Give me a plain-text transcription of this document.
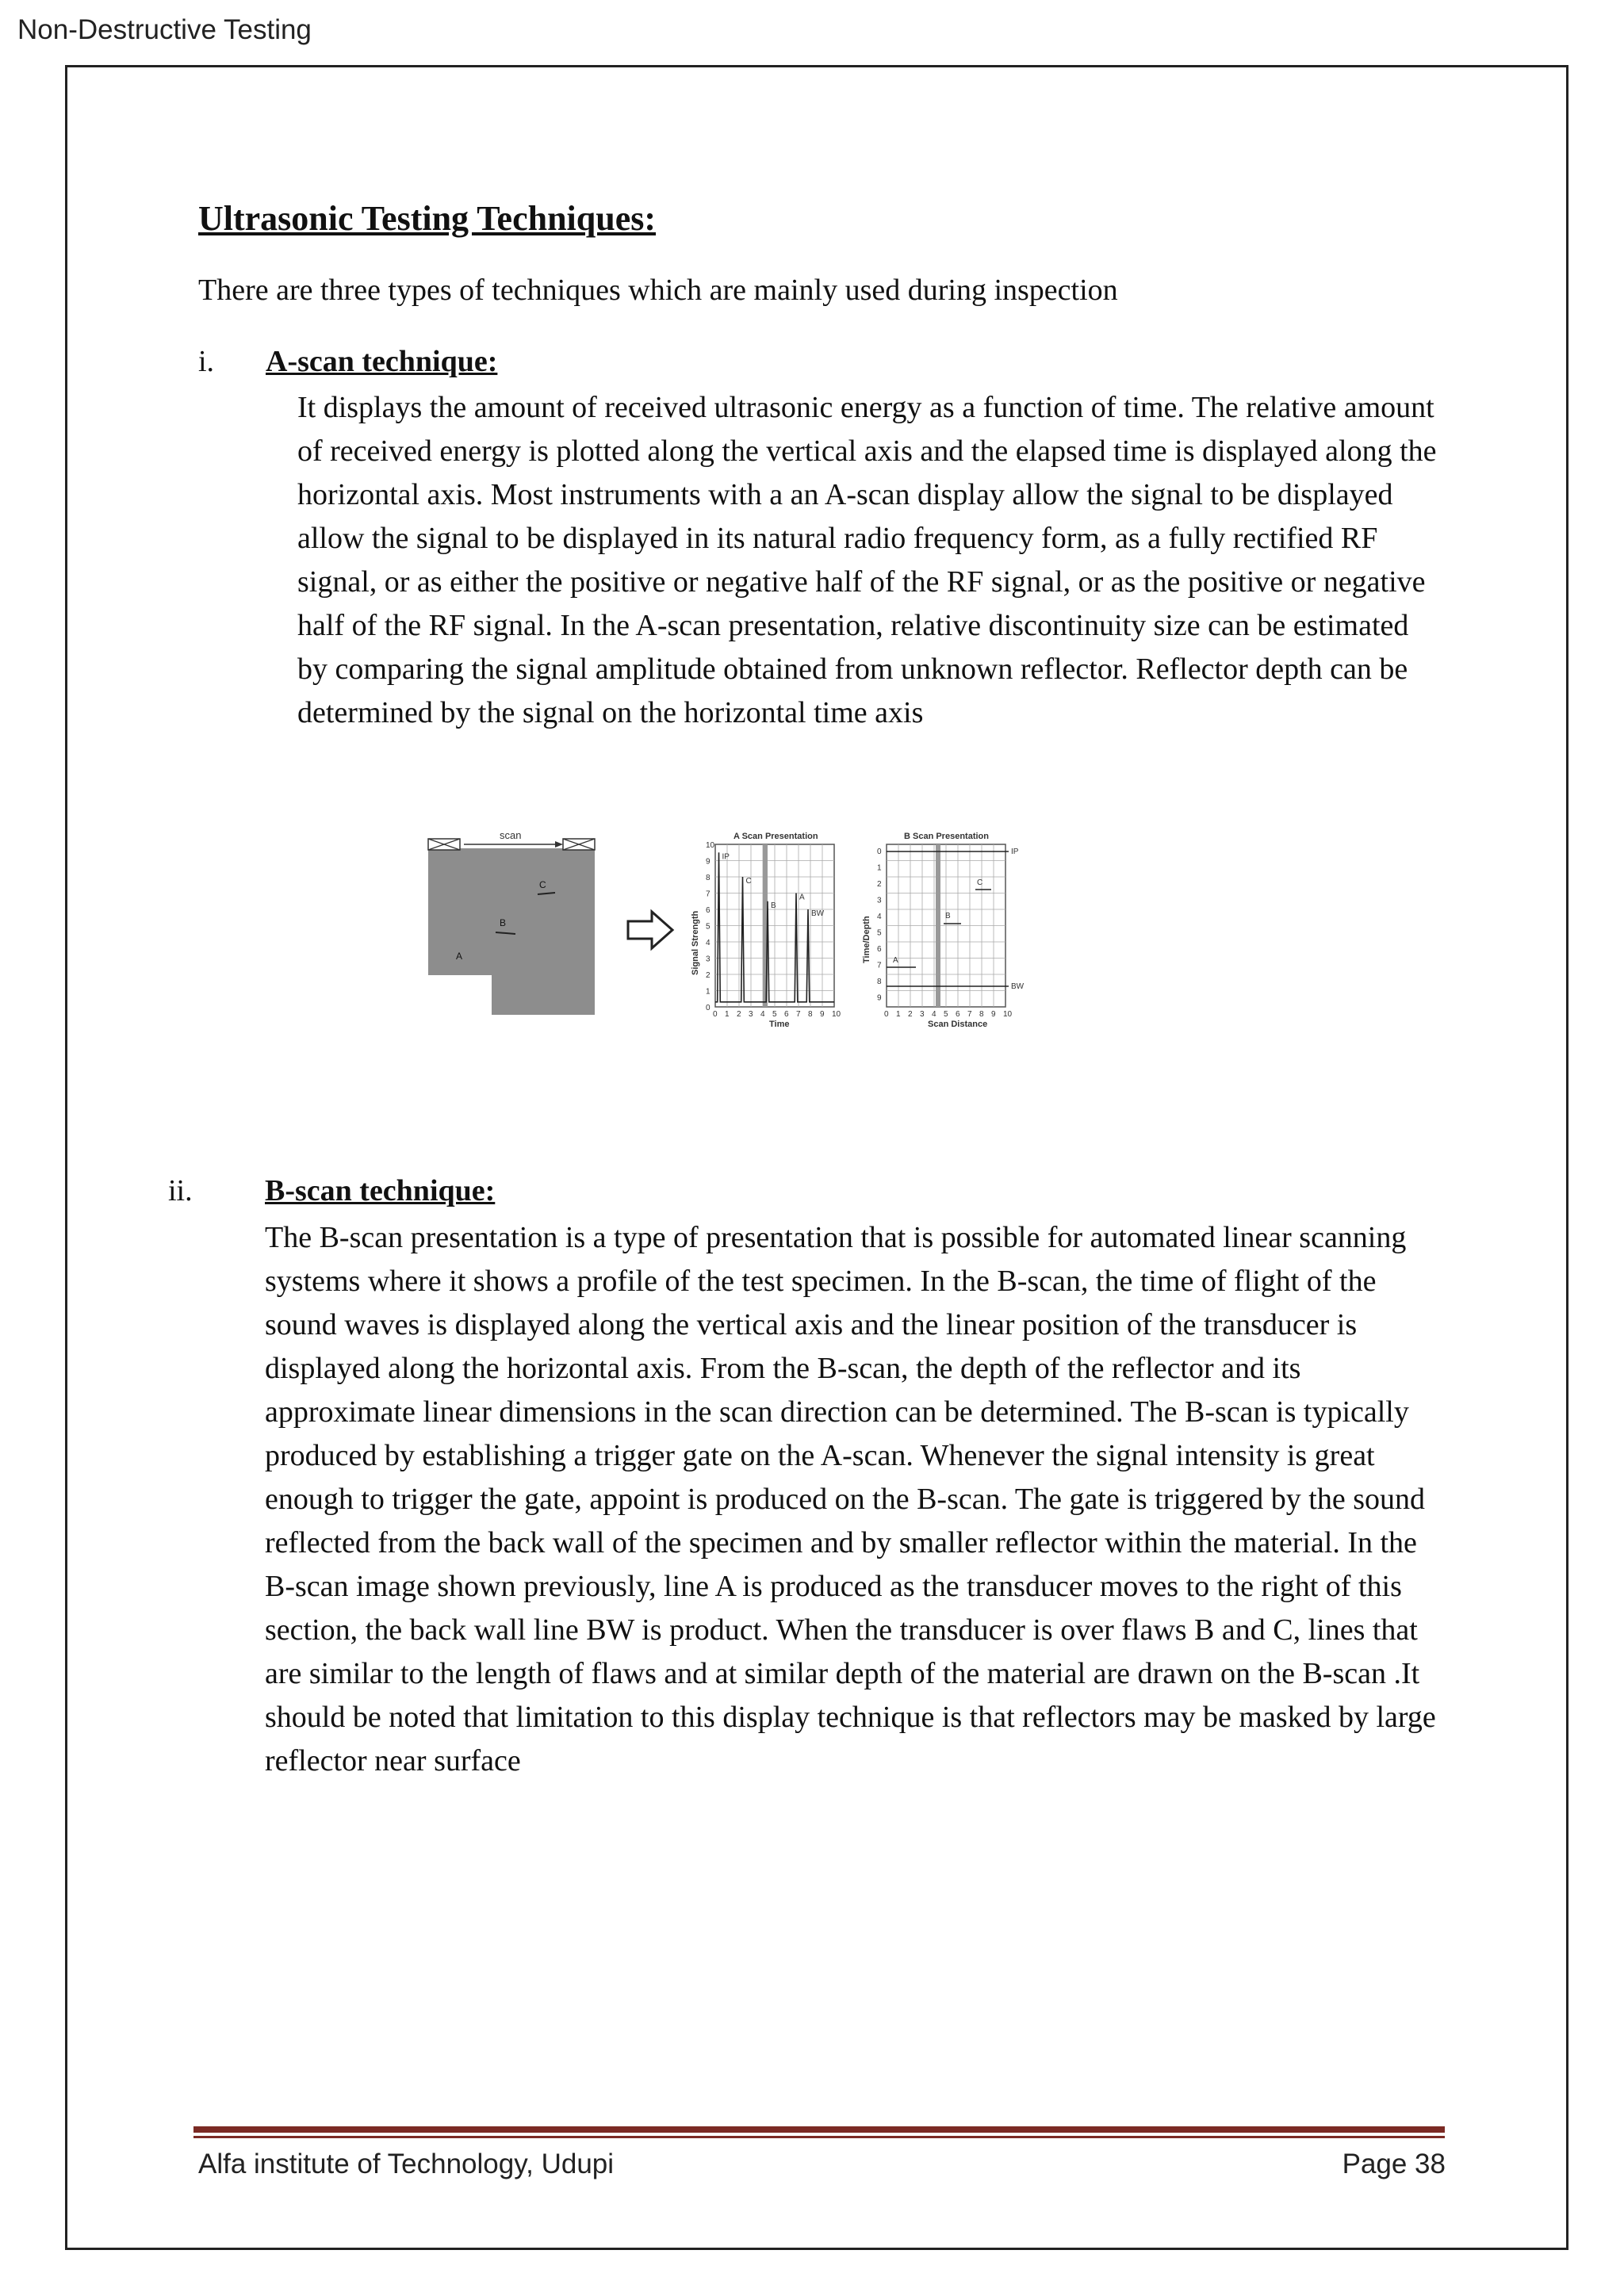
Non-Destructive Testing
Ultrasonic Testing Techniques:
There are three types of techniques which are mainly used during inspection
i. A-scan technique:
It displays the amount of received ultrasonic energy as a function of time. The relative amount of received energy is plotted along the vertical axis and the elapsed time is displayed along the horizontal axis. Most instruments with a an A-scan display allow the signal to be displayed allow the signal to be displayed in its natural radio frequency form, as a fully rectified RF signal, or as either the positive or negative half of the RF signal, or as the positive or negative half of the RF signal. In the A-scan presentation, relative discontinuity size can be estimated by comparing the signal amplitude obtained from unknown reflector. Reflector depth can be determined by the signal on the horizontal time axis
scan
C
B
A
A Scan Presentation
IP
C
B
A
BW
0 1 2 3 4 5 6 7 8 9 10
0
1
2
3
4
5
6
7
8
9
10
Time
Signal Strength
B Scan Presentation
IP
C
B
A
BW
0 1 2 3 4 5 6 7 8 9 10
0
1
2
3
4
5
6
7
8
9
Scan Distance
Time/Depth
ii. B-scan technique:
The B-scan presentation is a type of presentation that is possible for automated linear scanning systems where it shows a profile of the test specimen. In the B-scan, the time of flight of the sound waves is displayed along the vertical axis and the linear position of the transducer is displayed along the horizontal axis. From the B-scan, the depth of the reflector and its approximate linear dimensions in the scan direction can be determined. The B-scan is typically produced by establishing a trigger gate on the A-scan. Whenever the signal intensity is great enough to trigger the gate, appoint is produced on the B-scan. The gate is triggered by the sound reflected from the back wall of the specimen and by smaller reflector within the material. In the B-scan image shown previously, line A is produced as the transducer moves to the right of this section, the back wall line BW is product. When the transducer is over flaws B and C, lines that are similar to the length of flaws and at similar depth of the material are drawn on the B-scan .It should be noted that limitation to this display technique is that reflectors may be masked by large reflector near surface
Alfa institute of Technology, Udupi	Page 38
